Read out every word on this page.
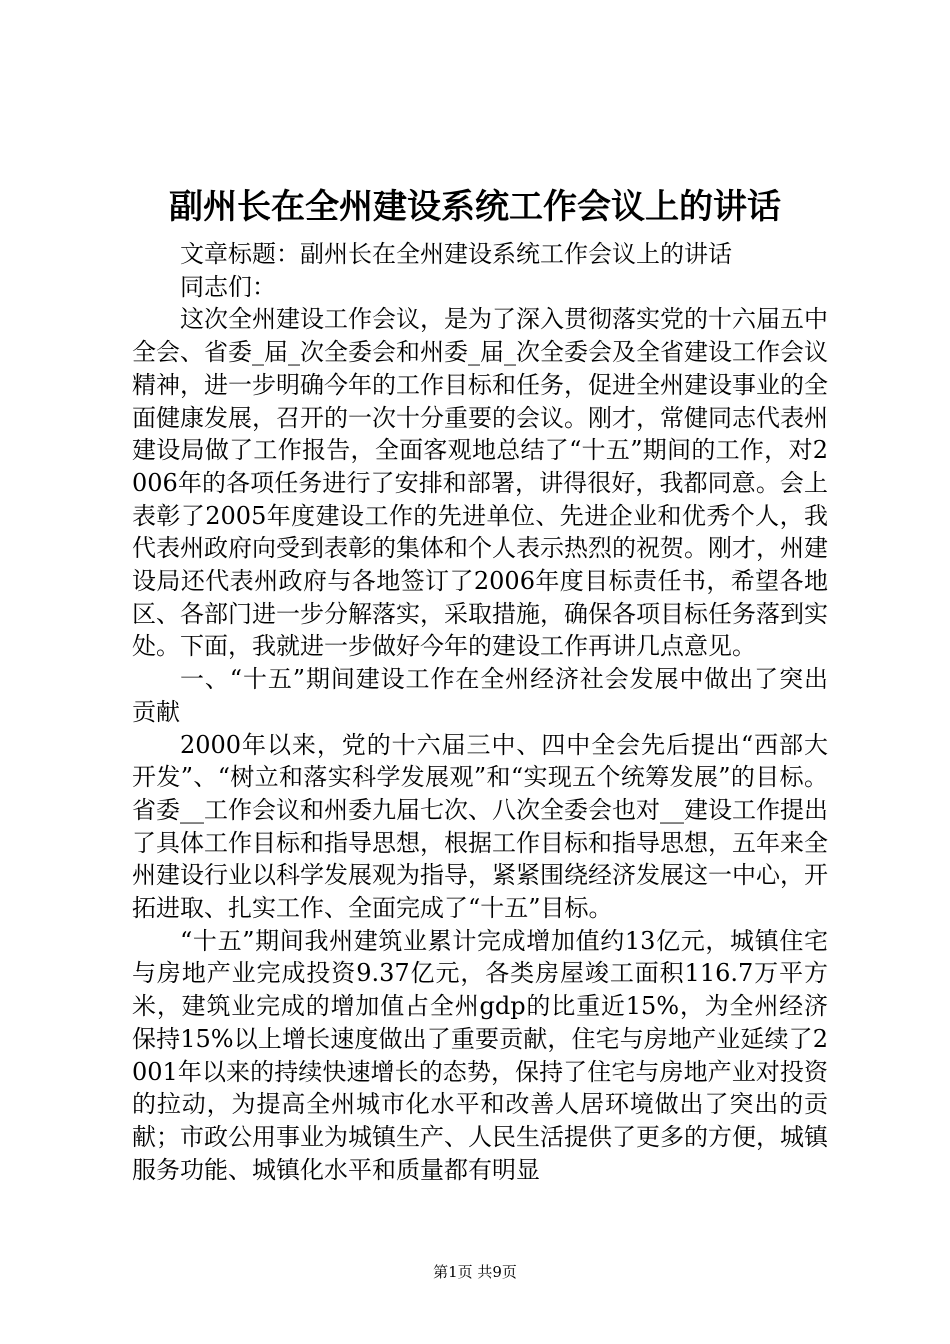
副州长在全州建设系统工作会议上的讲话

文章标题：副州长在全州建设系统工作会议上的讲话

同志们：

这次全州建设工作会议，是为了深入贯彻落实党的十六届五中全会、省委_届_次全委会和州委_届_次全委会及全省建设工作会议精神，进一步明确今年的工作目标和任务，促进全州建设事业的全面健康发展，召开的一次十分重要的会议。刚才，常健同志代表州建设局做了工作报告，全面客观地总结了“十五”期间的工作，对2006年的各项任务进行了安排和部署，讲得很好，我都同意。会上表彰了2005年度建设工作的先进单位、先进企业和优秀个人，我代表州政府向受到表彰的集体和个人表示热烈的祝贺。刚才，州建设局还代表州政府与各地签订了2006年度目标责任书，希望各地区、各部门进一步分解落实，采取措施，确保各项目标任务落到实处。下面，我就进一步做好今年的建设工作再讲几点意见。

一、“十五”期间建设工作在全州经济社会发展中做出了突出贡献

2000年以来，党的十六届三中、四中全会先后提出“西部大开发”、“树立和落实科学发展观”和“实现五个统筹发展”的目标。省委__工作会议和州委九届七次、八次全委会也对__建设工作提出了具体工作目标和指导思想，根据工作目标和指导思想，五年来全州建设行业以科学发展观为指导，紧紧围绕经济发展这一中心，开拓进取、扎实工作、全面完成了“十五”目标。

“十五”期间我州建筑业累计完成增加值约13亿元，城镇住宅与房地产业完成投资9.37亿元，各类房屋竣工面积116.7万平方米，建筑业完成的增加值占全州gdp的比重近15%，为全州经济保持15%以上增长速度做出了重要贡献，住宅与房地产业延续了2001年以来的持续快速增长的态势，保持了住宅与房地产业对投资的拉动，为提高全州城市化水平和改善人居环境做出了突出的贡献；市政公用事业为城镇生产、人民生活提供了更多的方便，城镇服务功能、城镇化水平和质量都有明显

第1页 共9页
